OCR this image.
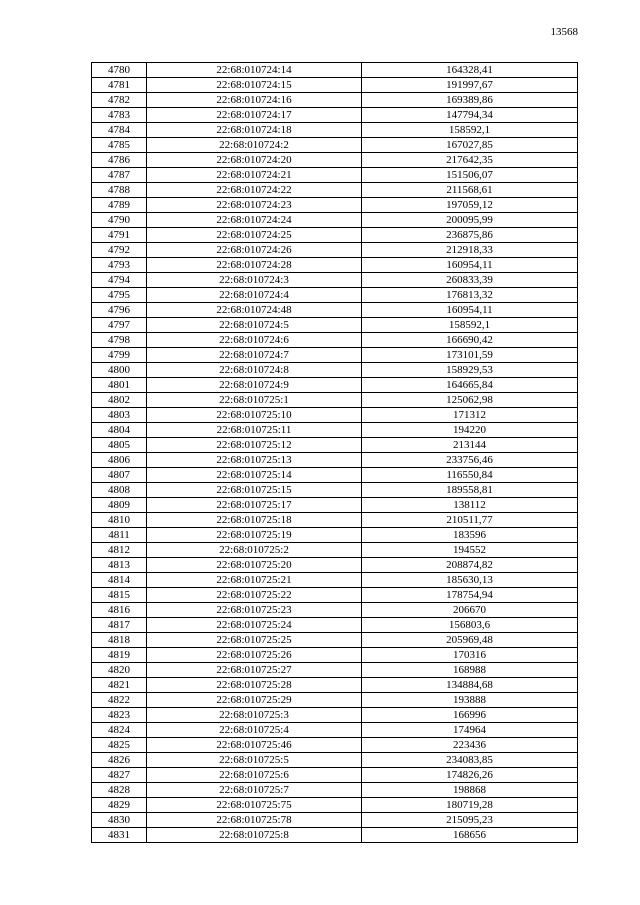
13568
4780	22:68:010724:14	164328,41
4781	22:68:010724:15	191997,67
4782	22:68:010724:16	169389,86
4783	22:68:010724:17	147794,34
4784	22:68:010724:18	158592,1
4785	22:68:010724:2	167027,85
4786	22:68:010724:20	217642,35
4787	22:68:010724:21	151506,07
4788	22:68:010724:22	211568,61
4789	22:68:010724:23	197059,12
4790	22:68:010724:24	200095,99
4791	22:68:010724:25	236875,86
4792	22:68:010724:26	212918,33
4793	22:68:010724:28	160954,11
4794	22:68:010724:3	260833,39
4795	22:68:010724:4	176813,32
4796	22:68:010724:48	160954,11
4797	22:68:010724:5	158592,1
4798	22:68:010724:6	166690,42
4799	22:68:010724:7	173101,59
4800	22:68:010724:8	158929,53
4801	22:68:010724:9	164665,84
4802	22:68:010725:1	125062,98
4803	22:68:010725:10	171312
4804	22:68:010725:11	194220
4805	22:68:010725:12	213144
4806	22:68:010725:13	233756,46
4807	22:68:010725:14	116550,84
4808	22:68:010725:15	189558,81
4809	22:68:010725:17	138112
4810	22:68:010725:18	210511,77
4811	22:68:010725:19	183596
4812	22:68:010725:2	194552
4813	22:68:010725:20	208874,82
4814	22:68:010725:21	185630,13
4815	22:68:010725:22	178754,94
4816	22:68:010725:23	206670
4817	22:68:010725:24	156803,6
4818	22:68:010725:25	205969,48
4819	22:68:010725:26	170316
4820	22:68:010725:27	168988
4821	22:68:010725:28	134884,68
4822	22:68:010725:29	193888
4823	22:68:010725:3	166996
4824	22:68:010725:4	174964
4825	22:68:010725:46	223436
4826	22:68:010725:5	234083,85
4827	22:68:010725:6	174826,26
4828	22:68:010725:7	198868
4829	22:68:010725:75	180719,28
4830	22:68:010725:78	215095,23
4831	22:68:010725:8	168656
